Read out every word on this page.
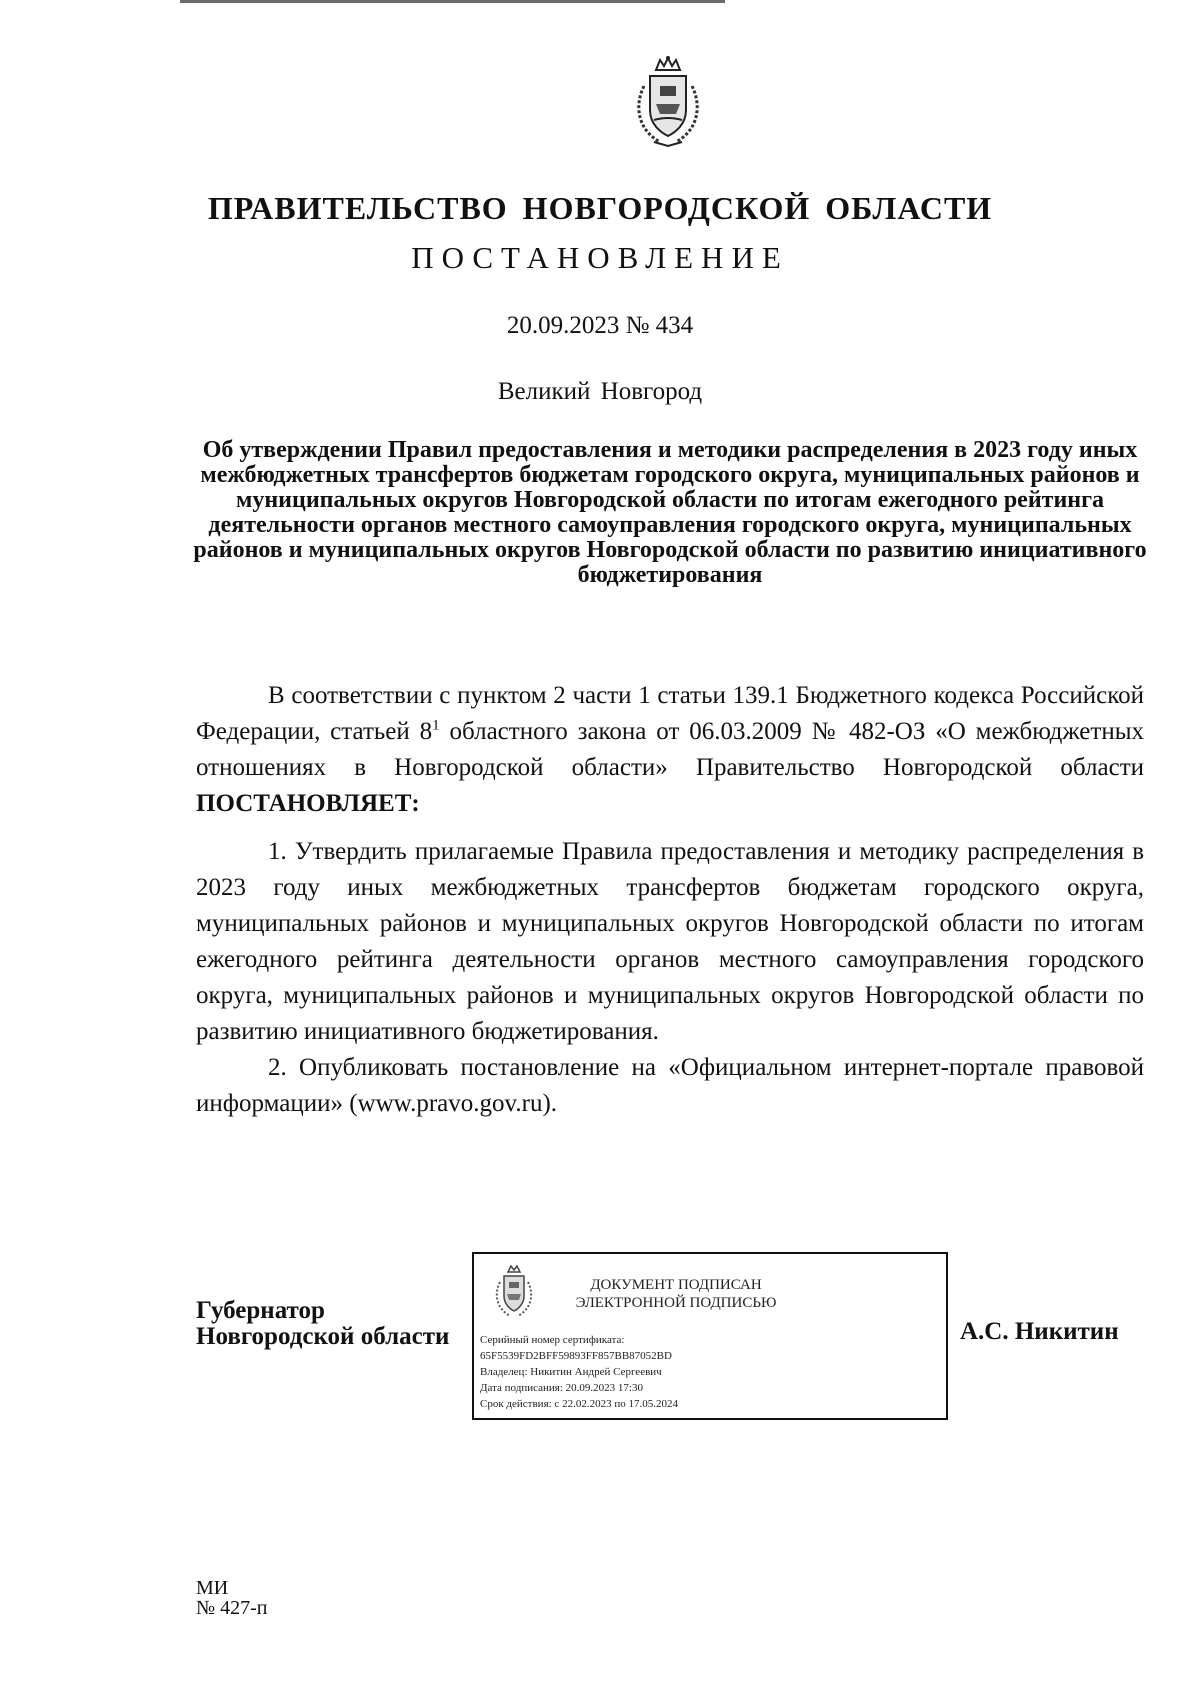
ПРАВИТЕЛЬСТВО НОВГОРОДСКОЙ ОБЛАСТИ
ПОСТАНОВЛЕНИЕ
20.09.2023 № 434
Великий Новгород
Об утверждении Правил предоставления и методики распределения в 2023 году иных межбюджетных трансфертов бюджетам городского округа, муниципальных районов и муниципальных округов Новгородской области по итогам ежегодного рейтинга деятельности органов местного самоуправления городского округа, муниципальных районов и муниципальных округов Новгородской области по развитию инициативного бюджетирования

В соответствии с пунктом 2 части 1 статьи 139.1 Бюджетного кодекса Российской Федерации, статьей $8^1$ областного закона от 06.03.2009 № 482-ОЗ «О межбюджетных отношениях в Новгородской области» Правительство Новгородской области ПОСТАНОВЛЯЕТ:

1. Утвердить прилагаемые Правила предоставления и методику распределения в 2023 году иных межбюджетных трансфертов бюджетам городского округа, муниципальных районов и муниципальных округов Новгородской области по итогам ежегодного рейтинга деятельности органов местного самоуправления городского округа, муниципальных районов и муниципальных округов Новгородской области по развитию инициативного бюджетирования.

2. Опубликовать постановление на «Официальном интернет-портале правовой информации» (www.pravo.gov.ru).

Губернатор
Новгородской области
ДОКУМЕНТ ПОДПИСАН
ЭЛЕКТРОННОЙ ПОДПИСЬЮ
Серийный номер сертификата:
65F5539FD2BFF59893FF857BB87052BD
Владелец: Никитин Андрей Сергеевич
Дата подписания: 20.09.2023 17:30
Срок действия: с 22.02.2023 по 17.05.2024
А.С. Никитин
МИ
№ 427-п
